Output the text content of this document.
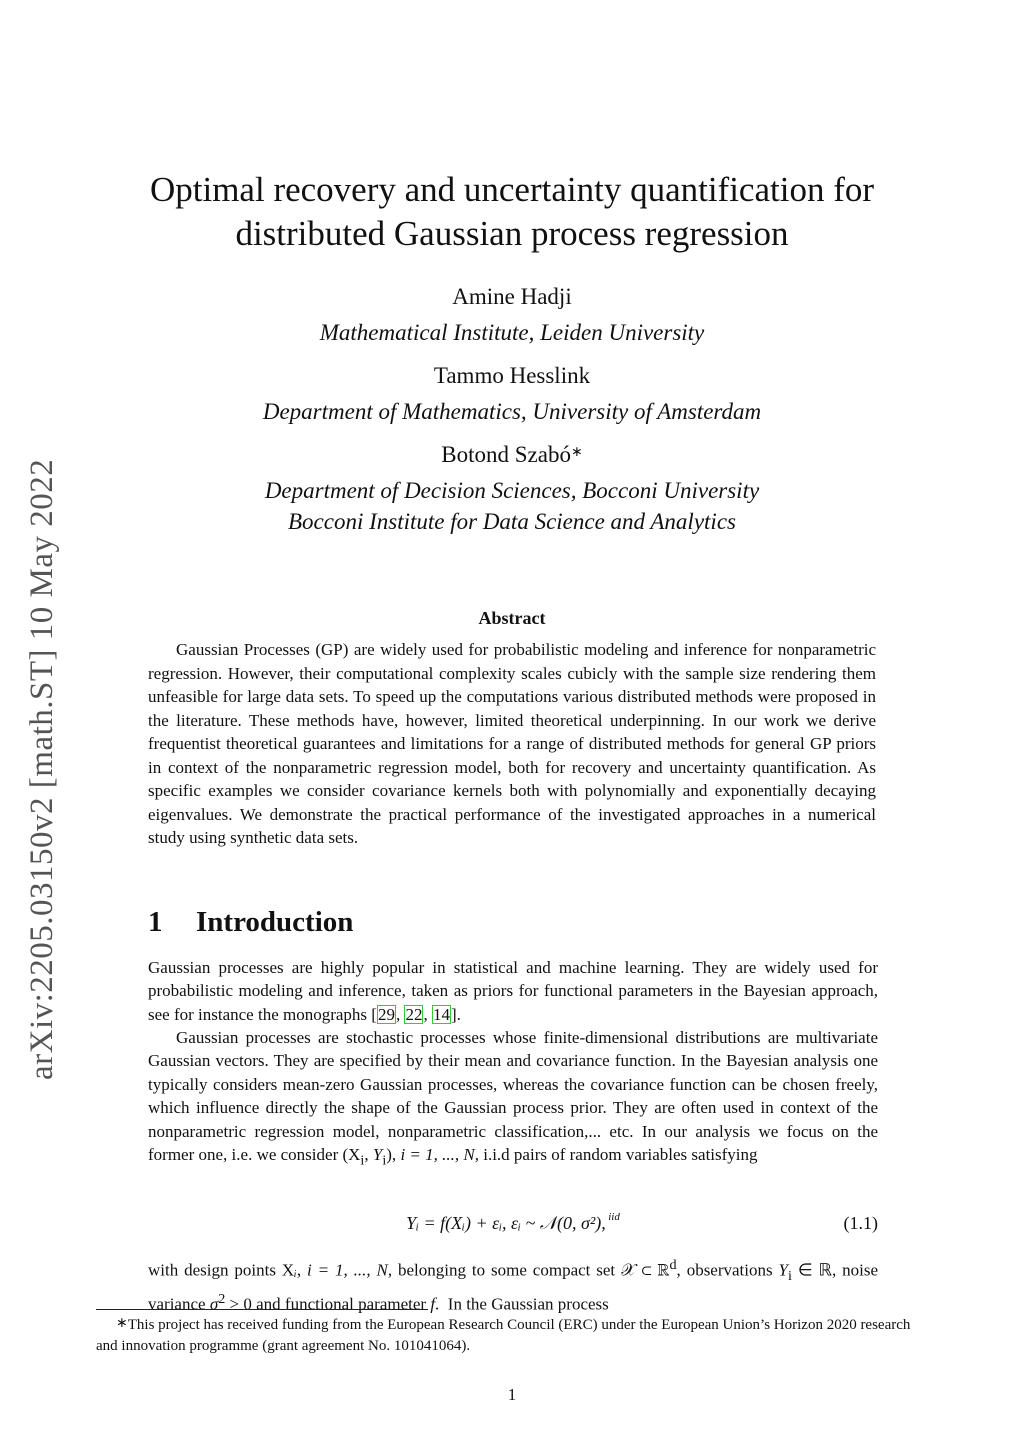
arXiv:2205.03150v2 [math.ST] 10 May 2022
Optimal recovery and uncertainty quantification for
distributed Gaussian process regression
Amine Hadji
Mathematical Institute, Leiden University
Tammo Hesslink
Department of Mathematics, University of Amsterdam
Botond Szabó∗
Department of Decision Sciences, Bocconi University
Bocconi Institute for Data Science and Analytics
Abstract

Gaussian Processes (GP) are widely used for probabilistic modeling and inference for nonparametric regression. However, their computational complexity scales cubicly with the sample size rendering them unfeasible for large data sets. To speed up the computations various distributed methods were proposed in the literature. These methods have, however, limited theoretical underpinning. In our work we derive frequentist theoretical guarantees and limitations for a range of distributed methods for general GP priors in context of the nonparametric regression model, both for recovery and uncertainty quantification. As specific examples we consider covariance kernels both with polynomially and exponentially decaying eigenvalues. We demonstrate the practical performance of the investigated approaches in a numerical study using synthetic data sets.

1 Introduction

Gaussian processes are highly popular in statistical and machine learning. They are widely used for probabilistic modeling and inference, taken as priors for functional parameters in the Bayesian approach, see for instance the monographs [29, 22, 14].

Gaussian processes are stochastic processes whose finite-dimensional distributions are multivariate Gaussian vectors. They are specified by their mean and covariance function. In the Bayesian analysis one typically considers mean-zero Gaussian processes, whereas the covariance function can be chosen freely, which influence directly the shape of the Gaussian process prior. They are often used in context of the nonparametric regression model, nonparametric classification,... etc. In our analysis we focus on the former one, i.e. we consider ($X_i$, $Y_i$), i = 1, ..., N, i.i.d pairs of random variables satisfying

Yᵢ = f(Xᵢ) + εᵢ, εᵢ ~ 𝒩(0, σ²), $^{iid}$	(1.1)

with design points Xᵢ, i = 1, ..., N, belonging to some compact set 𝒳 ⊂ ℝ$^d$, observations $Y_i$ ∈ ℝ, noise variance $\sigma^2 > 0$ and functional parameter f.  In the Gaussian process

∗This project has received funding from the European Research Council (ERC) under the European Union’s Horizon 2020 research and innovation programme (grant agreement No. 101041064).

1
